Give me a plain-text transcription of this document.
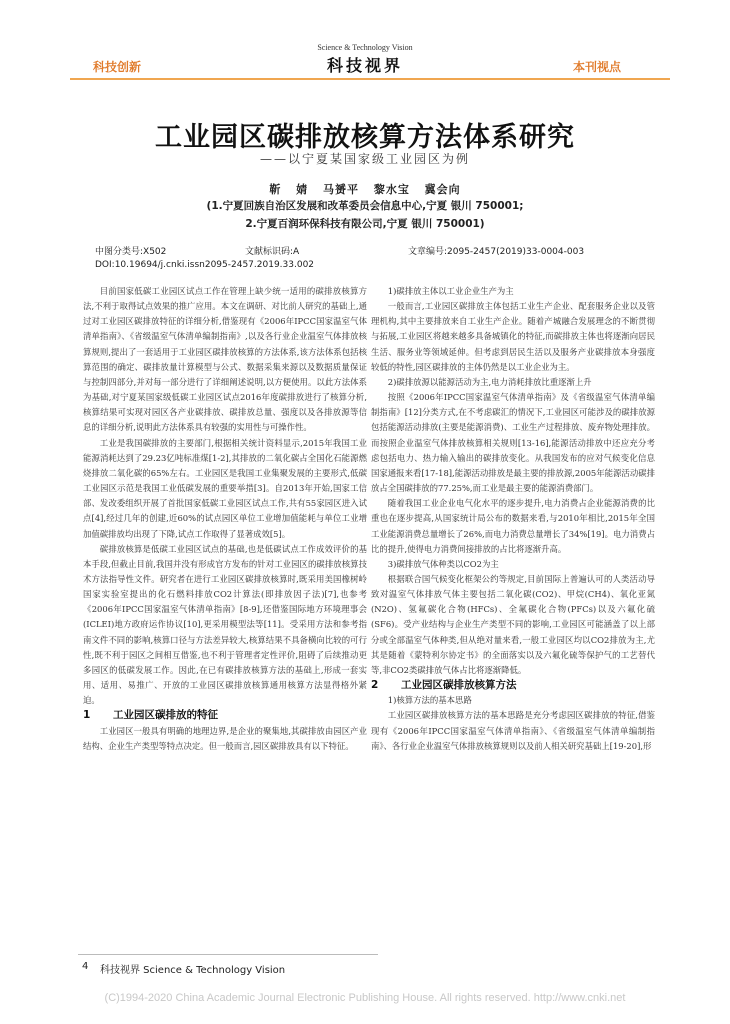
Science & Technology Vision
科技创新	科技视界	本刊视点
工业园区碳排放核算方法体系研究
——以宁夏某国家级工业园区为例
靳 婧 马赟平 黎水宝 冀会向
(1.宁夏回族自治区发展和改革委员会信息中心,宁夏 银川 750001;
2.宁夏百润环保科技有限公司,宁夏 银川 750001)
中图分类号:X502	文献标识码:A	文章编号:2095-2457(2019)33-0004-003
DOI:10.19694/j.cnki.issn2095-2457.2019.33.002

目前国家低碳工业园区试点工作在管理上缺少统一适用的碳排放核算方法,不利于取得试点效果的推广应用。本文在调研、对比前人研究的基础上,通过对工业园区碳排放特征的详细分析,借鉴现有《2006年IPCC国家温室气体清单指南》、《省级温室气体清单编制指南》,以及各行业企业温室气体排放核算规则,提出了一套适用于工业园区碳排放核算的方法体系,该方法体系包括核算范围的确定、碳排放量计算模型与公式、数据采集来源以及数据质量保证与控制四部分,并对每一部分进行了详细阐述说明,以方便使用。以此方法体系为基础,对宁夏某国家级低碳工业园区试点2016年度碳排放进行了核算分析,核算结果可实现对园区各产业碳排放、碳排放总量、强度以及各排放源等信息的详细分析,说明此方法体系具有较强的实用性与可操作性。

工业是我国碳排放的主要部门,根据相关统计资料显示,2015年我国工业能源消耗达到了29.23亿吨标准煤[1-2],其排放的二氧化碳占全国化石能源燃烧排放二氧化碳的65%左右。工业园区是我国工业集聚发展的主要形式,低碳工业园区示范是我国工业低碳发展的重要举措[3]。自2013年开始,国家工信部、发改委组织开展了首批国家低碳工业园区试点工作,共有55家园区进入试点[4],经过几年的创建,近60%的试点园区单位工业增加值能耗与单位工业增加值碳排放均出现了下降,试点工作取得了显著成效[5]。

碳排放核算是低碳工业园区试点的基础,也是低碳试点工作成效评价的基本手段,但截止目前,我国并没有形成官方发布的针对工业园区的碳排放核算技术方法指导性文件。研究者在进行工业园区碳排放核算时,既采用美国橡树岭国家实验室提出的化石燃料排放CO2计算法(即排放因子法)[7],也参考《2006年IPCC国家温室气体清单指南》[8-9],还借鉴国际地方环境理事会(ICLEI)地方政府运作协议[10],更采用模型法等[11]。受采用方法和参考指南文件不同的影响,核算口径与方法差异较大,核算结果不具备横向比较的可行性,既不利于园区之间相互借鉴,也不利于管理者定性评价,阻碍了后续推动更多园区的低碳发展工作。因此,在已有碳排放核算方法的基础上,形成一套实用、适用、易推广、开放的工业园区碳排放核算通用核算方法显得格外紧迫。

1 工业园区碳排放的特征

工业园区一般具有明确的地理边界,是企业的聚集地,其碳排放由园区产业结构、企业生产类型等特点决定。但一般而言,园区碳排放具有以下特征。

1)碳排放主体以工业企业生产为主

一般而言,工业园区碳排放主体包括工业生产企业、配套服务企业以及管理机构,其中主要排放来自工业生产企业。随着产城融合发展理念的不断贯彻与拓展,工业园区将越来越多具备城镇化的特征,而碳排放主体也将逐渐向居民生活、服务业等领域延伸。但考虑到居民生活以及服务产业碳排放本身强度较低的特性,园区碳排放的主体仍然是以工业企业为主。

2)碳排放源以能源活动为主,电力消耗排放比重逐渐上升

按照《2006年IPCC国家温室气体清单指南》及《省级温室气体清单编制指南》[12]分类方式,在不考虑碳汇的情况下,工业园区可能涉及的碳排放源包括能源活动排放(主要是能源消费)、工业生产过程排放、废弃物处理排放。而按照企业温室气体排放核算相关规则[13-16],能源活动排放中还应充分考虑包括电力、热力输入输出的碳排放变化。从我国发布的应对气候变化信息国家通报来看[17-18],能源活动排放是最主要的排放源,2005年能源活动碳排放占全国碳排放的77.25%,而工业是最主要的能源消费部门。

随着我国工业企业电气化水平的逐步提升,电力消费占企业能源消费的比重也在逐步提高,从国家统计局公布的数据来看,与2010年相比,2015年全国工业能源消费总量增长了26%,而电力消费总量增长了34%[19]。电力消费占比的提升,使得电力消费间接排放的占比将逐渐升高。

3)碳排放气体种类以CO2为主

根据联合国气候变化框架公约等规定,目前国际上普遍认可的人类活动导致对温室气体排放气体主要包括二氧化碳(CO2)、甲烷(CH4)、氧化亚氮(N2O)、氢氟碳化合物(HFCs)、全氟碳化合物(PFCs)以及六氟化硫(SF6)。受产业结构与企业生产类型不同的影响,工业园区可能涵盖了以上部分或全部温室气体种类,但从绝对量来看,一般工业园区均以CO2排放为主,尤其是随着《蒙特利尔协定书》的全面落实以及六氟化硫等保护气的工艺替代等,非CO2类碳排放气体占比将逐渐降低。

2 工业园区碳排放核算方法

1)核算方法的基本思路

工业园区碳排放核算方法的基本思路是充分考虑园区碳排放的特征,借鉴现有《2006年IPCC国家温室气体清单指南》、《省级温室气体清单编制指南》、各行业企业温室气体排放核算规则以及前人相关研究基础上[19-20],形

4 科技视界 Science & Technology Vision
(C)1994-2020 China Academic Journal Electronic Publishing House. All rights reserved. http://www.cnki.net
